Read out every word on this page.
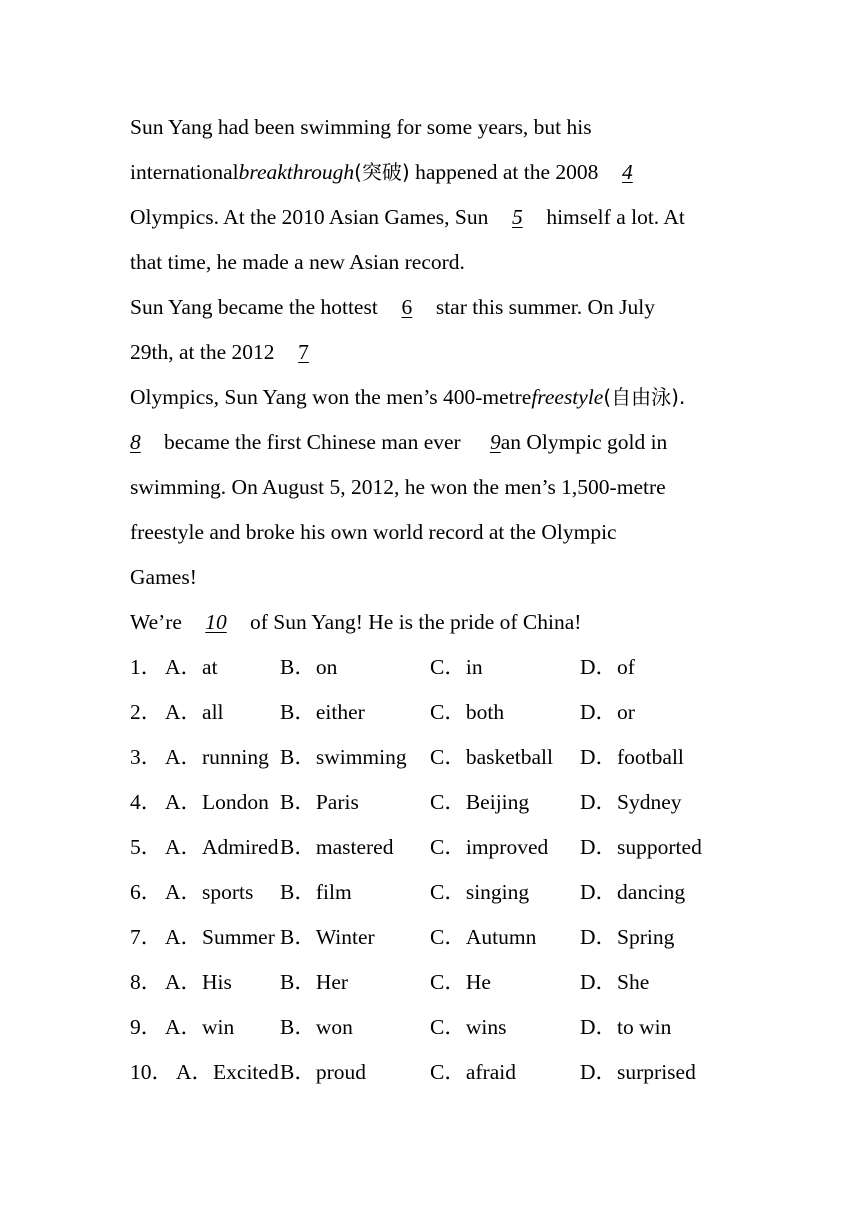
Sun Yang had been swimming for some years, but his
internationalbreakthrough(突破) happened at the 2008 4
Olympics. At the 2010 Asian Games, Sun 5 himself a lot. At
that time, he made a new Asian record.
Sun Yang became the hottest 6 star this summer. On July
29th, at the 2012 7
Olympics, Sun Yang won the men’s 400-metrefreestyle(自由泳).
8 became the first Chinese man ever 9an Olympic gold in
swimming. On August 5, 2012, he won the men’s 1,500-metre
freestyle and broke his own world record at the Olympic
Games!
We’re 10 of Sun Yang! He is the pride of China!
1． A．at	B．on	C．in	D．of
2． A．all	B．either	C．both	D．or
3． A．running B．swimming C．basketball D．football
4． A．London B．Paris	C．Beijing D．Sydney
5． A．Admired B．mastered C．improved D．supported
6． A．sports B．film	C．singing D．dancing
7． A．Summer B．Winter	C．Autumn D．Spring
8． A．His B．Her	C．He	D．She
9． A．win B．won	C．wins	D．to win
10． A．Excited B．proud	C．afraid	D．surprised
